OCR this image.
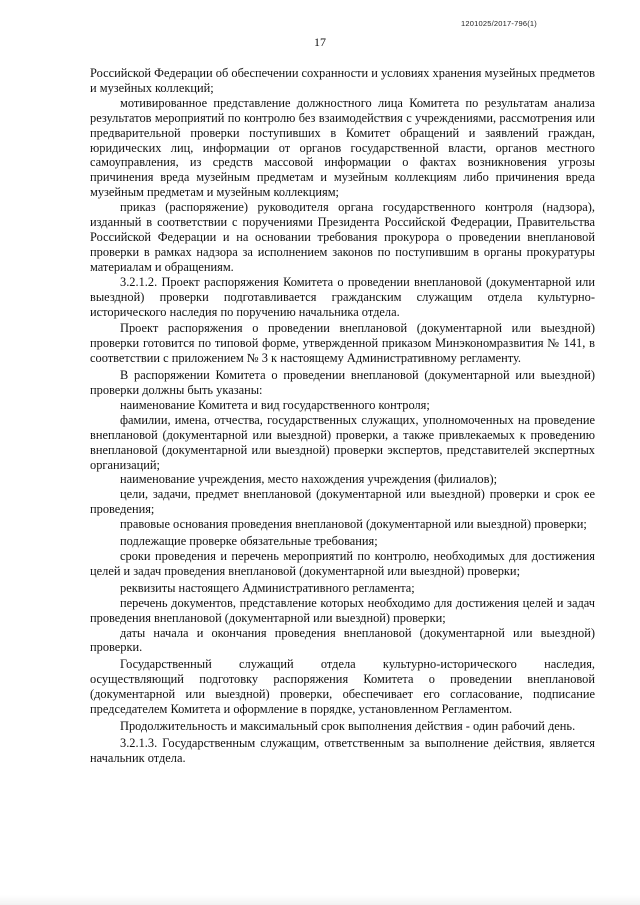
1201025/2017-796(1)
17

Российской Федерации об обеспечении сохранности и условиях хранения музейных предметов и музейных коллекций;

мотивированное представление должностного лица Комитета по результатам анализа результатов мероприятий по контролю без взаимодействия с учреждениями, рассмотрения или предварительной проверки поступивших в Комитет обращений и заявлений граждан, юридических лиц, информации от органов государственной власти, органов местного самоуправления, из средств массовой информации о фактах возникновения угрозы причинения вреда музейным предметам и музейным коллекциям либо причинения вреда музейным предметам и музейным коллекциям;

приказ (распоряжение) руководителя органа государственного контроля (надзора), изданный в соответствии с поручениями Президента Российской Федерации, Правительства Российской Федерации и на основании требования прокурора о проведении внеплановой проверки в рамках надзора за исполнением законов по поступившим в органы прокуратуры материалам и обращениям.

3.2.1.2. Проект распоряжения Комитета о проведении внеплановой (документарной или выездной) проверки подготавливается гражданским служащим отдела культурно-исторического наследия по поручению начальника отдела.

Проект распоряжения о проведении внеплановой (документарной или выездной) проверки готовится по типовой форме, утвержденной приказом Минэкономразвития № 141, в соответствии с приложением № 3 к настоящему Административному регламенту.

В распоряжении Комитета о проведении внеплановой (документарной или выездной) проверки должны быть указаны:

наименование Комитета и вид государственного контроля;

фамилии, имена, отчества, государственных служащих, уполномоченных на проведение внеплановой (документарной или выездной) проверки, а также привлекаемых к проведению внеплановой (документарной или выездной) проверки экспертов, представителей экспертных организаций;

наименование учреждения, место нахождения учреждения (филиалов);

цели, задачи, предмет внеплановой (документарной или выездной) проверки и срок ее проведения;

правовые основания проведения внеплановой (документарной или выездной) проверки;

подлежащие проверке обязательные требования;

сроки проведения и перечень мероприятий по контролю, необходимых для достижения целей и задач проведения внеплановой (документарной или выездной) проверки;

реквизиты настоящего Административного регламента;

перечень документов, представление которых необходимо для достижения целей и задач проведения внеплановой (документарной или выездной) проверки;

даты начала и окончания проведения внеплановой (документарной или выездной) проверки.

Государственный служащий отдела культурно-исторического наследия, осуществляющий подготовку распоряжения Комитета о проведении внеплановой (документарной или выездной) проверки, обеспечивает его согласование, подписание председателем Комитета и оформление в порядке, установленном Регламентом.

Продолжительность и максимальный срок выполнения действия - один рабочий день.

3.2.1.3. Государственным служащим, ответственным за выполнение действия, является начальник отдела.
